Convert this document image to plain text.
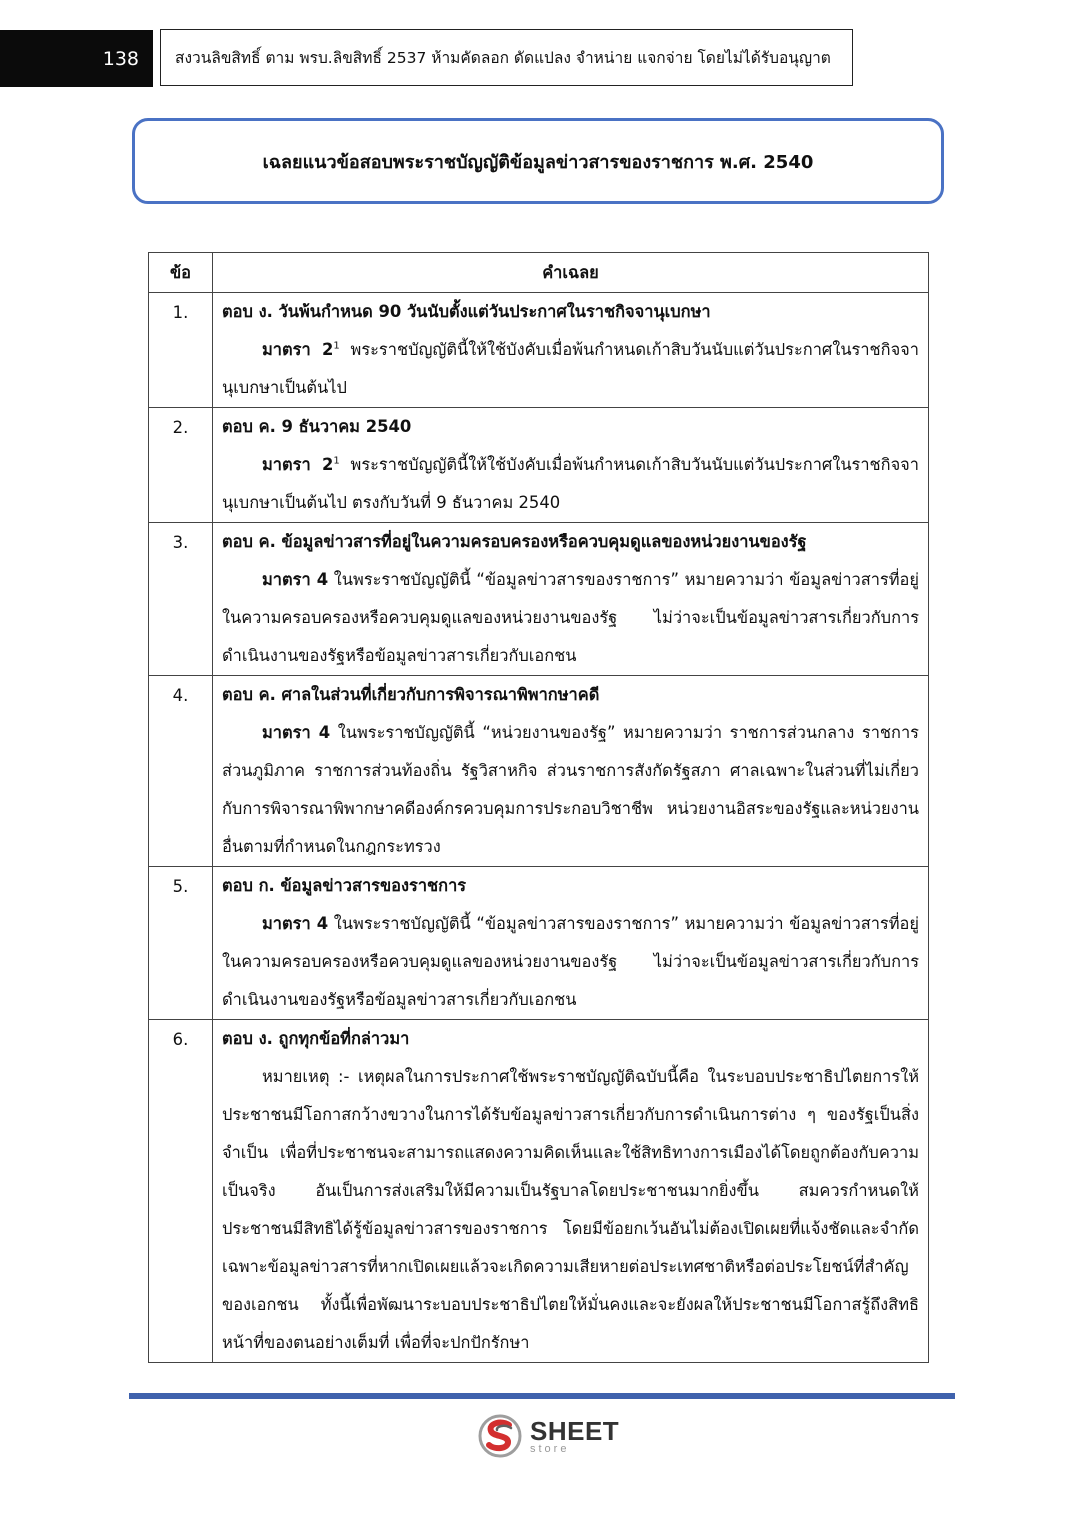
138	สงวนลิขสิทธิ์ ตาม พรบ.ลิขสิทธิ์ 2537 ห้ามคัดลอก ดัดแปลง จำหน่าย แจกจ่าย โดยไม่ได้รับอนุญาต
เฉลยแนวข้อสอบพระราชบัญญัติข้อมูลข่าวสารของราชการ พ.ศ. 2540
ข้อ	คำเฉลย
1.	ตอบ ง. วันพ้นกำหนด 90 วันนับตั้งแต่วันประกาศในราชกิจจานุเบกษา
มาตรา $2^1$ พระราชบัญญัตินี้ให้ใช้บังคับเมื่อพ้นกำหนดเก้าสิบวันนับแต่วันประกาศในราชกิจจานุเบกษาเป็นต้นไป

2.	ตอบ ค. 9 ธันวาคม 2540
มาตรา $2^1$ พระราชบัญญัตินี้ให้ใช้บังคับเมื่อพ้นกำหนดเก้าสิบวันนับแต่วันประกาศในราชกิจจานุเบกษาเป็นต้นไป ตรงกับวันที่ 9 ธันวาคม 2540

3.	ตอบ ค. ข้อมูลข่าวสารที่อยู่ในความครอบครองหรือควบคุมดูแลของหน่วยงานของรัฐ
มาตรา 4 ในพระราชบัญญัตินี้ “ข้อมูลข่าวสารของราชการ” หมายความว่า ข้อมูลข่าวสารที่อยู่ในความครอบครองหรือควบคุมดูแลของหน่วยงานของรัฐ ไม่ว่าจะเป็นข้อมูลข่าวสารเกี่ยวกับการดำเนินงานของรัฐหรือข้อมูลข่าวสารเกี่ยวกับเอกชน

4.	ตอบ ค. ศาลในส่วนที่เกี่ยวกับการพิจารณาพิพากษาคดี
มาตรา 4 ในพระราชบัญญัตินี้ “หน่วยงานของรัฐ” หมายความว่า ราชการส่วนกลาง ราชการส่วนภูมิภาค ราชการส่วนท้องถิ่น รัฐวิสาหกิจ ส่วนราชการสังกัดรัฐสภา ศาลเฉพาะในส่วนที่ไม่เกี่ยวกับการพิจารณาพิพากษาคดีองค์กรควบคุมการประกอบวิชาชีพ หน่วยงานอิสระของรัฐและหน่วยงานอื่นตามที่กำหนดในกฎกระทรวง

5.	ตอบ ก. ข้อมูลข่าวสารของราชการ
มาตรา 4 ในพระราชบัญญัตินี้ “ข้อมูลข่าวสารของราชการ” หมายความว่า ข้อมูลข่าวสารที่อยู่ในความครอบครองหรือควบคุมดูแลของหน่วยงานของรัฐ ไม่ว่าจะเป็นข้อมูลข่าวสารเกี่ยวกับการดำเนินงานของรัฐหรือข้อมูลข่าวสารเกี่ยวกับเอกชน

6.	ตอบ ง. ถูกทุกข้อที่กล่าวมา
หมายเหตุ :- เหตุผลในการประกาศใช้พระราชบัญญัติฉบับนี้คือ ในระบอบประชาธิปไตยการให้ประชาชนมีโอกาสกว้างขวางในการได้รับข้อมูลข่าวสารเกี่ยวกับการดำเนินการต่าง ๆ ของรัฐเป็นสิ่งจำเป็น เพื่อที่ประชาชนจะสามารถแสดงความคิดเห็นและใช้สิทธิทางการเมืองได้โดยถูกต้องกับความเป็นจริง อันเป็นการส่งเสริมให้มีความเป็นรัฐบาลโดยประชาชนมากยิ่งขึ้น สมควรกำหนดให้ประชาชนมีสิทธิได้รู้ข้อมูลข่าวสารของราชการ โดยมีข้อยกเว้นอันไม่ต้องเปิดเผยที่แจ้งชัดและจำกัดเฉพาะข้อมูลข่าวสารที่หากเปิดเผยแล้วจะเกิดความเสียหายต่อประเทศชาติหรือต่อประโยชน์ที่สำคัญของเอกชน ทั้งนี้เพื่อพัฒนาระบอบประชาธิปไตยให้มั่นคงและจะยังผลให้ประชาชนมีโอกาสรู้ถึงสิทธิหน้าที่ของตนอย่างเต็มที่ เพื่อที่จะปกปักรักษา
SHEET
store
